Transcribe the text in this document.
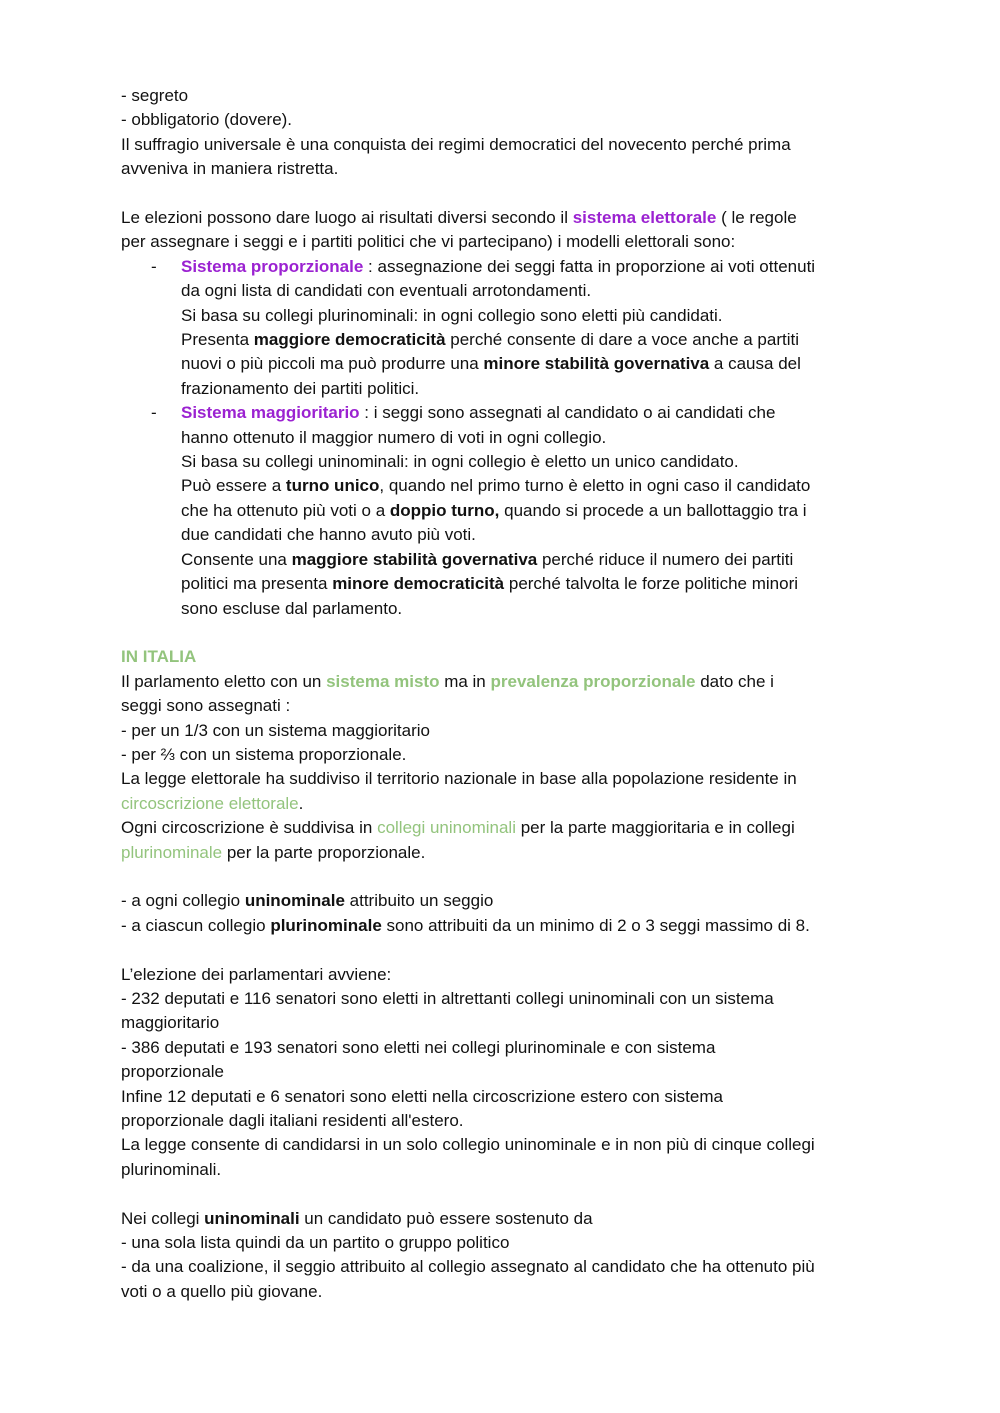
- segreto
- obbligatorio (dovere).
Il suffragio universale è una conquista dei regimi democratici del novecento perché prima
avveniva in maniera ristretta.
Le elezioni possono dare luogo ai risultati diversi secondo il sistema elettorale ( le regole
per assegnare i seggi e i partiti politici che vi partecipano) i modelli elettorali sono:
- Sistema proporzionale : assegnazione dei seggi fatta in proporzione ai voti ottenuti
da ogni lista di candidati con eventuali arrotondamenti.
Si basa su collegi plurinominali: in ogni collegio sono eletti più candidati.
Presenta maggiore democraticità perché consente di dare a voce anche a partiti
nuovi o più piccoli ma può produrre una minore stabilità governativa a causa del
frazionamento dei partiti politici.
- Sistema maggioritario : i seggi sono assegnati al candidato o ai candidati che
hanno ottenuto il maggior numero di voti in ogni collegio.
Si basa su collegi uninominali: in ogni collegio è eletto un unico candidato.
Può essere a turno unico, quando nel primo turno è eletto in ogni caso il candidato
che ha ottenuto più voti o a doppio turno, quando si procede a un ballottaggio tra i
due candidati che hanno avuto più voti.
Consente una maggiore stabilità governativa perché riduce il numero dei partiti
politici ma presenta minore democraticità perché talvolta le forze politiche minori
sono escluse dal parlamento.
IN ITALIA
Il parlamento eletto con un sistema misto ma in prevalenza proporzionale dato che i
seggi sono assegnati :
- per un 1/3 con un sistema maggioritario
- per ⅔ con un sistema proporzionale.
La legge elettorale ha suddiviso il territorio nazionale in base alla popolazione residente in
circoscrizione elettorale.
Ogni circoscrizione è suddivisa in collegi uninominali per la parte maggioritaria e in collegi
plurinominale per la parte proporzionale.
- a ogni collegio uninominale attribuito un seggio
- a ciascun collegio plurinominale sono attribuiti da un minimo di 2 o 3 seggi massimo di 8.
L’elezione dei parlamentari avviene:
- 232 deputati e 116 senatori sono eletti in altrettanti collegi uninominali con un sistema
maggioritario
- 386 deputati e 193 senatori sono eletti nei collegi plurinominale e con sistema
proporzionale
Infine 12 deputati e 6 senatori sono eletti nella circoscrizione estero con sistema
proporzionale dagli italiani residenti all'estero.
La legge consente di candidarsi in un solo collegio uninominale e in non più di cinque collegi
plurinominali.
Nei collegi uninominali un candidato può essere sostenuto da
- una sola lista quindi da un partito o gruppo politico
- da una coalizione, il seggio attribuito al collegio assegnato al candidato che ha ottenuto più
voti o a quello più giovane.
